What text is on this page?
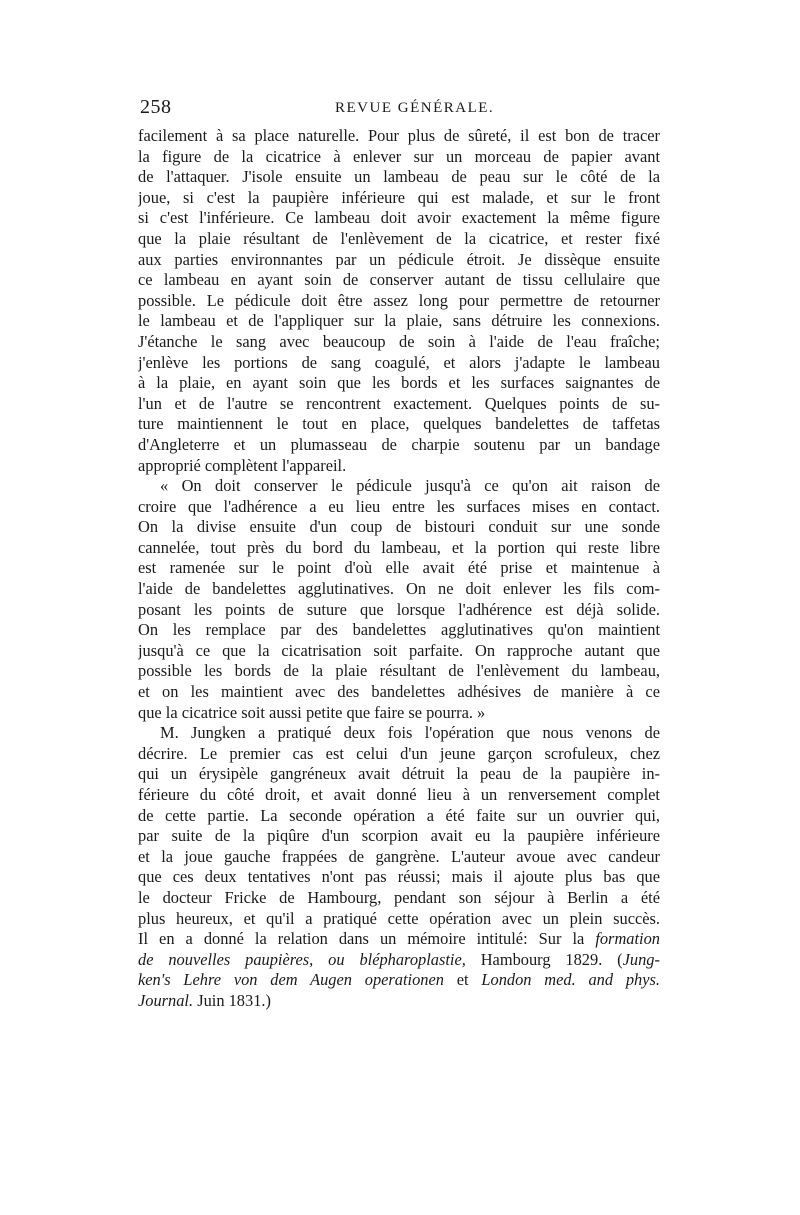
258	REVUE GÉNÉRALE.
facilement à sa place naturelle. Pour plus de sûreté, il est bon de tracer
la figure de la cicatrice à enlever sur un morceau de papier avant
de l'attaquer. J'isole ensuite un lambeau de peau sur le côté de la
joue, si c'est la paupière inférieure qui est malade, et sur le front
si c'est l'inférieure. Ce lambeau doit avoir exactement la même figure
que la plaie résultant de l'enlèvement de la cicatrice, et rester fixé
aux parties environnantes par un pédicule étroit. Je dissèque ensuite
ce lambeau en ayant soin de conserver autant de tissu cellulaire que
possible. Le pédicule doit être assez long pour permettre de retourner
le lambeau et de l'appliquer sur la plaie, sans détruire les connexions.
J'étanche le sang avec beaucoup de soin à l'aide de l'eau fraîche;
j'enlève les portions de sang coagulé, et alors j'adapte le lambeau
à la plaie, en ayant soin que les bords et les surfaces saignantes de
l'un et de l'autre se rencontrent exactement. Quelques points de su-
ture maintiennent le tout en place, quelques bandelettes de taffetas
d'Angleterre et un plumasseau de charpie soutenu par un bandage
approprié complètent l'appareil.
« On doit conserver le pédicule jusqu'à ce qu'on ait raison de
croire que l'adhérence a eu lieu entre les surfaces mises en contact.
On la divise ensuite d'un coup de bistouri conduit sur une sonde
cannelée, tout près du bord du lambeau, et la portion qui reste libre
est ramenée sur le point d'où elle avait été prise et maintenue à
l'aide de bandelettes agglutinatives. On ne doit enlever les fils com-
posant les points de suture que lorsque l'adhérence est déjà solide.
On les remplace par des bandelettes agglutinatives qu'on maintient
jusqu'à ce que la cicatrisation soit parfaite. On rapproche autant que
possible les bords de la plaie résultant de l'enlèvement du lambeau,
et on les maintient avec des bandelettes adhésives de manière à ce
que la cicatrice soit aussi petite que faire se pourra. »
M. Jungken a pratiqué deux fois l'opération que nous venons de
décrire. Le premier cas est celui d'un jeune garçon scrofuleux, chez
qui un érysipèle gangréneux avait détruit la peau de la paupière in-
férieure du côté droit, et avait donné lieu à un renversement complet
de cette partie. La seconde opération a été faite sur un ouvrier qui,
par suite de la piqûre d'un scorpion avait eu la paupière inférieure
et la joue gauche frappées de gangrène. L'auteur avoue avec candeur
que ces deux tentatives n'ont pas réussi; mais il ajoute plus bas que
le docteur Fricke de Hambourg, pendant son séjour à Berlin a été
plus heureux, et qu'il a pratiqué cette opération avec un plein succès.
Il en a donné la relation dans un mémoire intitulé: Sur la formation
de nouvelles paupières, ou blépharoplastie, Hambourg 1829. (Jung-
ken's Lehre von dem Augen operationen et London med. and phys.
Journal. Juin 1831.)
